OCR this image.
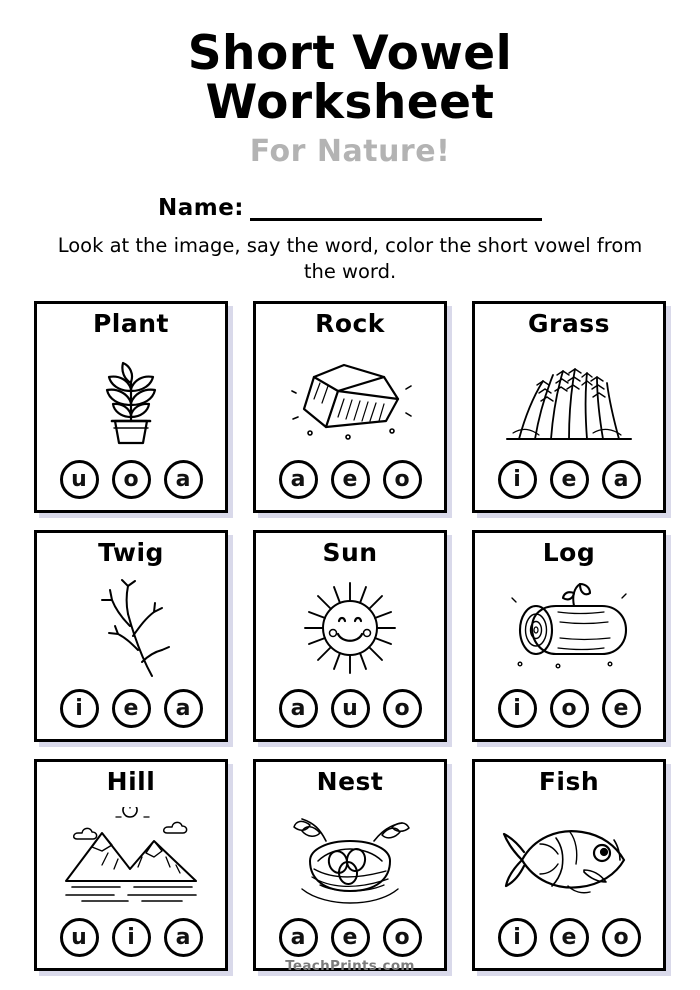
Short Vowel
Worksheet
For Nature!
Name:
Look at the image, say the word, color the short vowel from the word.
Plant
u	o	a
Rock
a	e	o
Grass
i	e	a
Twig
i	e	a
Sun
a	u	o
Log
i	o	e
Hill
u	i	a
Nest
a	e	o
Fish
i	e	o
TeachPrints.com
